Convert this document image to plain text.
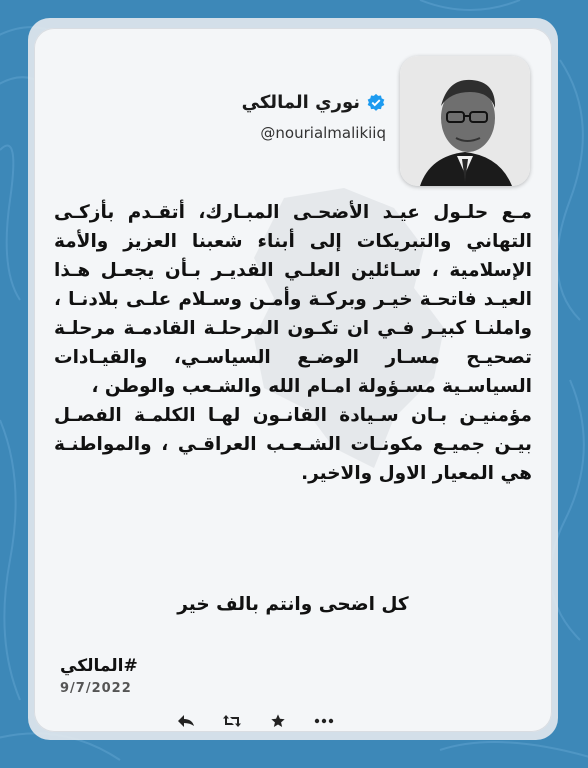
نوري المالكي
@nourialmalikiiq

مـع حلـول عيـد الأضحـى المبـارك، أتقـدم بأزكـى التهاني والتبريكات إلى أبناء شعبنا العزيز والأمة الإسلامية ، سـائلين العلـي القديـر بـأن يجعـل هـذا العيـد فاتحـة خيـر وبركـة وأمـن وسـلام علـى بلادنـا ، واملنـا كبيـر فـي ان تكـون المرحلـة القادمـة مرحلـة تصحيـح مسـار الوضـع السياسـي، والقيـادات السياسـية مسـؤولة امـام الله والشـعب والوطن ،

مؤمنيـن بـان سـيادة القانـون لهـا الكلمـة الفصـل بيـن جميـع مكونـات الشـعـب العراقـي ، والمواطنـة هي المعيار الاول والاخير.

كل اضحى وانتم بالف خير
#المالكي
9/7/2022
